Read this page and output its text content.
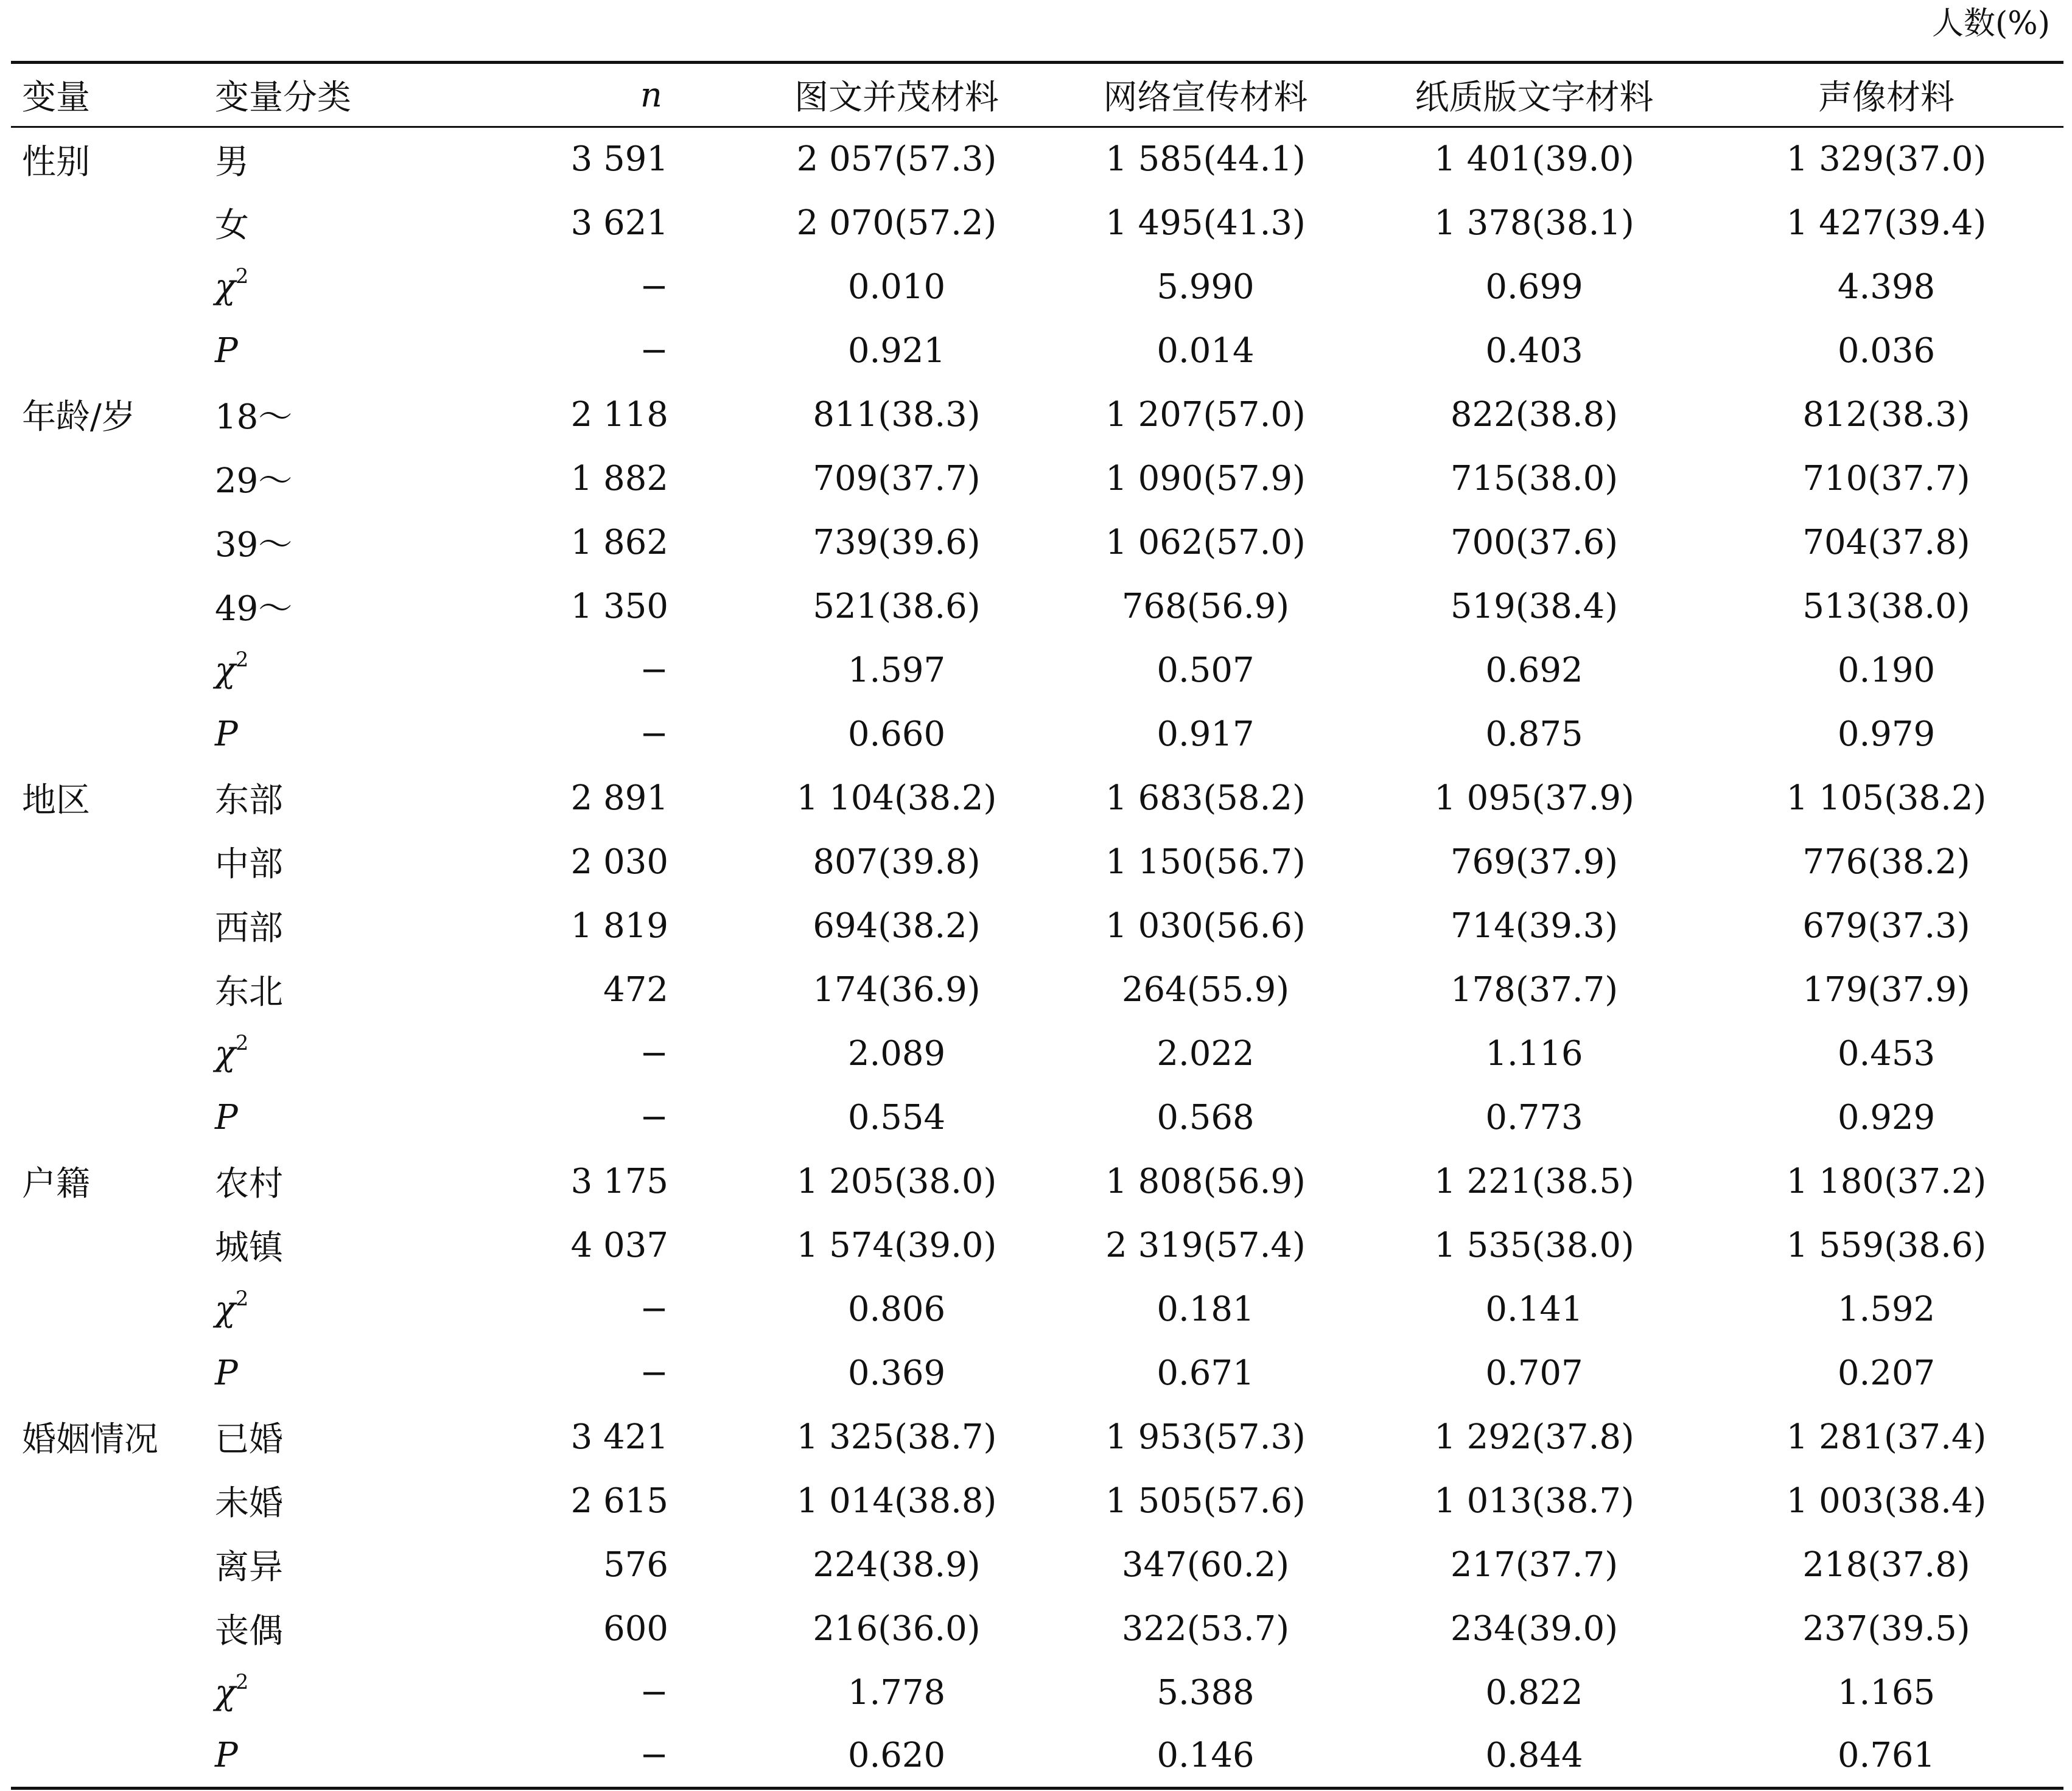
人数(%)
变量	变量分类	n	图文并茂材料	网络宣传材料	纸质版文字材料	声像材料
性别	男	3 591	2 057(57.3)	1 585(44.1)	1 401(39.0)	1 329(37.0)
	女	3 621	2 070(57.2)	1 495(41.3)	1 378(38.1)	1 427(39.4)
	$\chi^2$	−	0.010	5.990	0.699	4.398
	P	−	0.921	0.014	0.403	0.036
年龄/岁	18～	2 118	811(38.3)	1 207(57.0)	822(38.8)	812(38.3)
	29～	1 882	709(37.7)	1 090(57.9)	715(38.0)	710(37.7)
	39～	1 862	739(39.6)	1 062(57.0)	700(37.6)	704(37.8)
	49～	1 350	521(38.6)	768(56.9)	519(38.4)	513(38.0)
	$\chi^2$	−	1.597	0.507	0.692	0.190
	P	−	0.660	0.917	0.875	0.979
地区	东部	2 891	1 104(38.2)	1 683(58.2)	1 095(37.9)	1 105(38.2)
	中部	2 030	807(39.8)	1 150(56.7)	769(37.9)	776(38.2)
	西部	1 819	694(38.2)	1 030(56.6)	714(39.3)	679(37.3)
	东北	472	174(36.9)	264(55.9)	178(37.7)	179(37.9)
	$\chi^2$	−	2.089	2.022	1.116	0.453
	P	−	0.554	0.568	0.773	0.929
户籍	农村	3 175	1 205(38.0)	1 808(56.9)	1 221(38.5)	1 180(37.2)
	城镇	4 037	1 574(39.0)	2 319(57.4)	1 535(38.0)	1 559(38.6)
	$\chi^2$	−	0.806	0.181	0.141	1.592
	P	−	0.369	0.671	0.707	0.207
婚姻情况	已婚	3 421	1 325(38.7)	1 953(57.3)	1 292(37.8)	1 281(37.4)
	未婚	2 615	1 014(38.8)	1 505(57.6)	1 013(38.7)	1 003(38.4)
	离异	576	224(38.9)	347(60.2)	217(37.7)	218(37.8)
	丧偶	600	216(36.0)	322(53.7)	234(39.0)	237(39.5)
	$\chi^2$	−	1.778	5.388	0.822	1.165
	P	−	0.620	0.146	0.844	0.761
